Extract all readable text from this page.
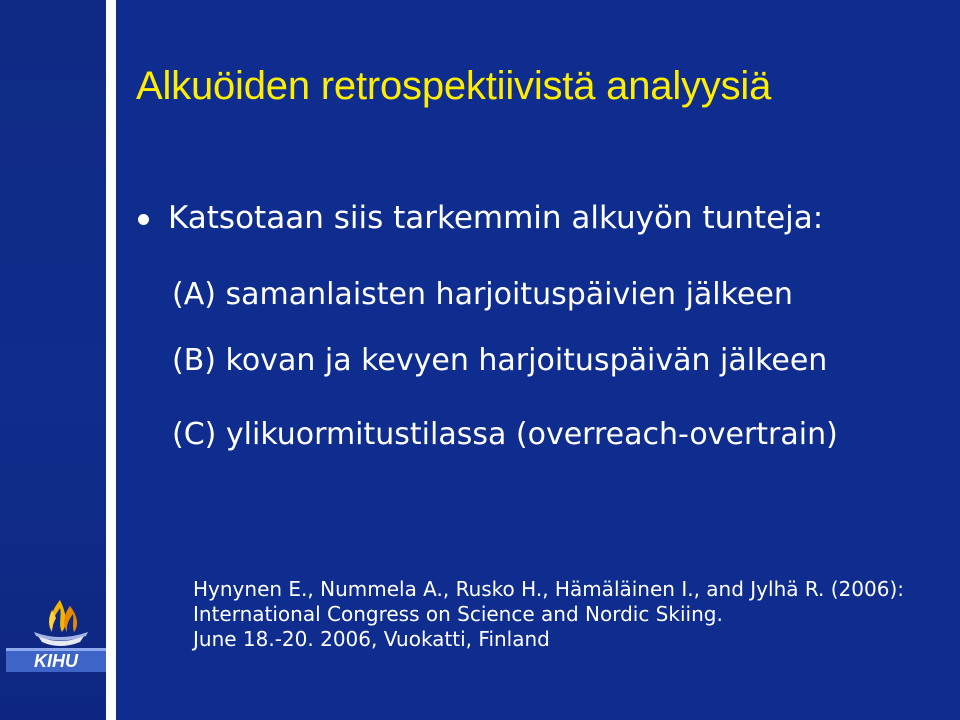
Alkuöiden retrospektiivistä analyysiä
Katsotaan siis tarkemmin alkuyön tunteja:
(A) samanlaisten harjoituspäivien jälkeen
(B) kovan ja kevyen harjoituspäivän jälkeen
(C) ylikuormitustilassa (overreach-overtrain)
Hynynen E., Nummela A., Rusko H., Hämäläinen I., and Jylhä R. (2006):
International Congress on Science and Nordic Skiing.
June 18.-20. 2006, Vuokatti, Finland
KIHU
